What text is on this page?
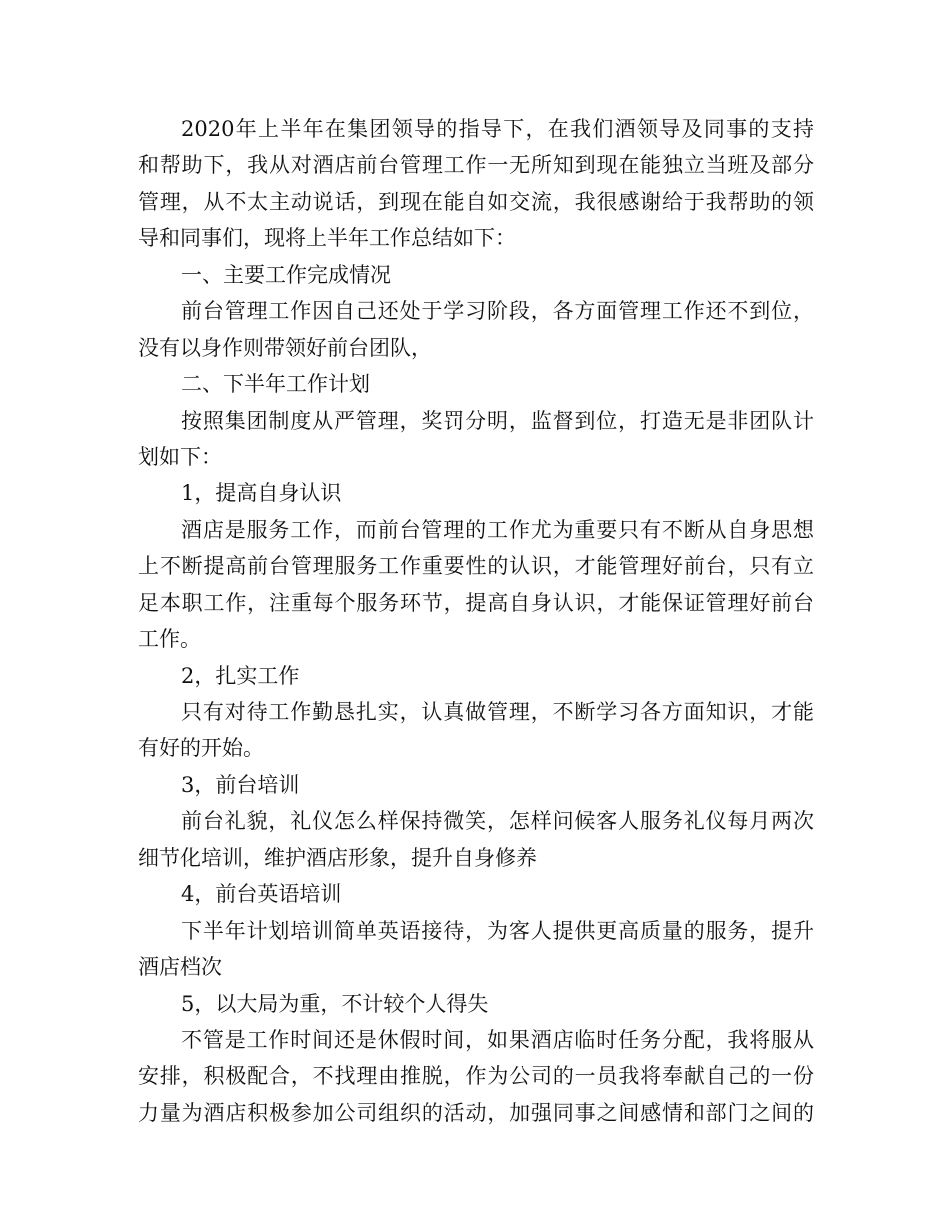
2020年上半年在集团领导的指导下，在我们酒领导及同事的支持
和帮助下，我从对酒店前台管理工作一无所知到现在能独立当班及部分
管理，从不太主动说话，到现在能自如交流，我很感谢给于我帮助的领
导和同事们，现将上半年工作总结如下：
一、主要工作完成情况
前台管理工作因自己还处于学习阶段，各方面管理工作还不到位，
没有以身作则带领好前台团队，
二、下半年工作计划
按照集团制度从严管理，奖罚分明，监督到位，打造无是非团队计
划如下：
1，提高自身认识
酒店是服务工作，而前台管理的工作尤为重要只有不断从自身思想
上不断提高前台管理服务工作重要性的认识，才能管理好前台，只有立
足本职工作，注重每个服务环节，提高自身认识，才能保证管理好前台
工作。
2，扎实工作
只有对待工作勤恳扎实，认真做管理，不断学习各方面知识，才能
有好的开始。
3，前台培训
前台礼貌，礼仪怎么样保持微笑，怎样问候客人服务礼仪每月两次
细节化培训，维护酒店形象，提升自身修养
4，前台英语培训
下半年计划培训简单英语接待，为客人提供更高质量的服务，提升
酒店档次
5，以大局为重，不计较个人得失
不管是工作时间还是休假时间，如果酒店临时任务分配，我将服从
安排，积极配合，不找理由推脱，作为公司的一员我将奉献自己的一份
力量为酒店积极参加公司组织的活动，加强同事之间感情和部门之间的
